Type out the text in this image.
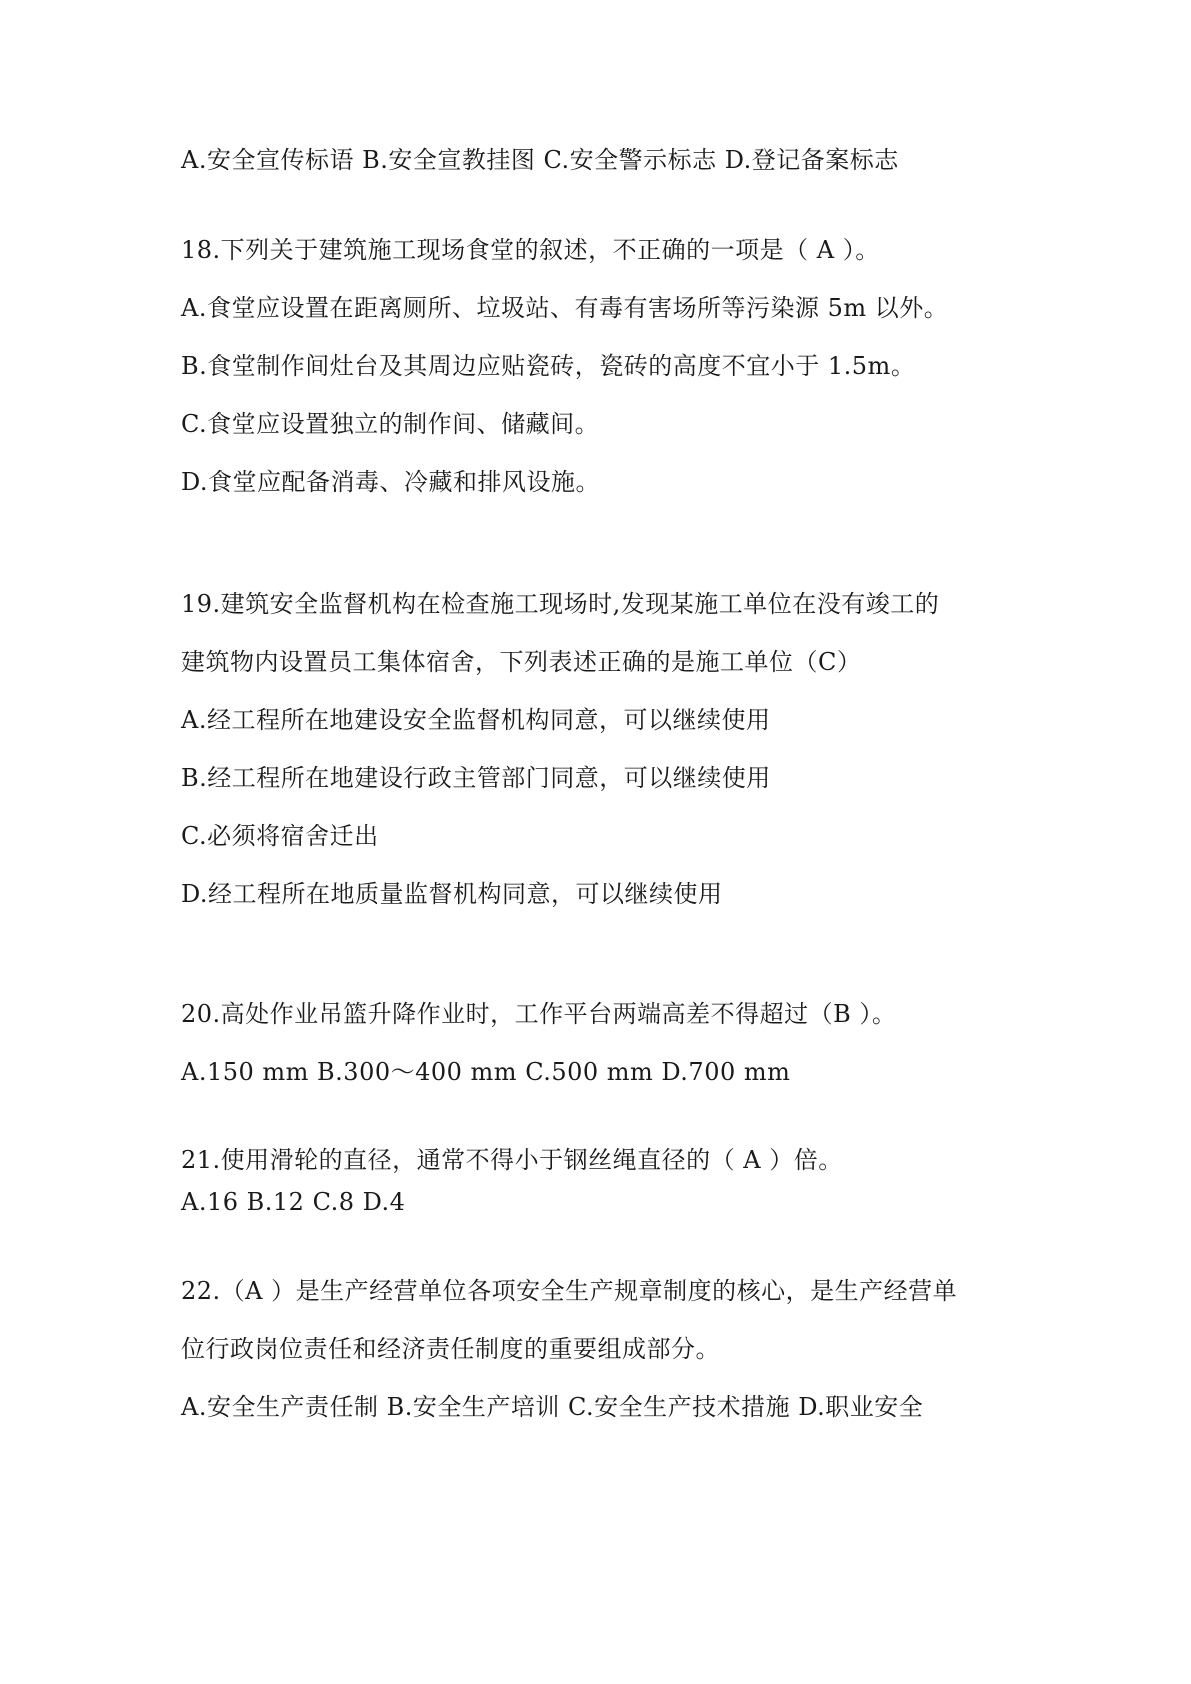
A.安全宣传标语 B.安全宣教挂图 C.安全警示标志 D.登记备案标志
18.下列关于建筑施工现场食堂的叙述，不正确的一项是（ A ）。
A.食堂应设置在距离厕所、垃圾站、有毒有害场所等污染源 5m 以外。
B.食堂制作间灶台及其周边应贴瓷砖，瓷砖的高度不宜小于 1.5m。
C.食堂应设置独立的制作间、储藏间。
D.食堂应配备消毒、冷藏和排风设施。
19.建筑安全监督机构在检查施工现场时,发现某施工单位在没有竣工的
建筑物内设置员工集体宿舍，下列表述正确的是施工单位（C）
A.经工程所在地建设安全监督机构同意，可以继续使用
B.经工程所在地建设行政主管部门同意，可以继续使用
C.必须将宿舍迁出
D.经工程所在地质量监督机构同意，可以继续使用
20.高处作业吊篮升降作业时，工作平台两端高差不得超过（B ）。
A.150 mm B.300～400 mm C.500 mm D.700 mm
21.使用滑轮的直径，通常不得小于钢丝绳直径的（ A ）倍。
A.16 B.12 C.8 D.4
22.（A ）是生产经营单位各项安全生产规章制度的核心，是生产经营单
位行政岗位责任和经济责任制度的重要组成部分。
A.安全生产责任制 B.安全生产培训 C.安全生产技术措施 D.职业安全
